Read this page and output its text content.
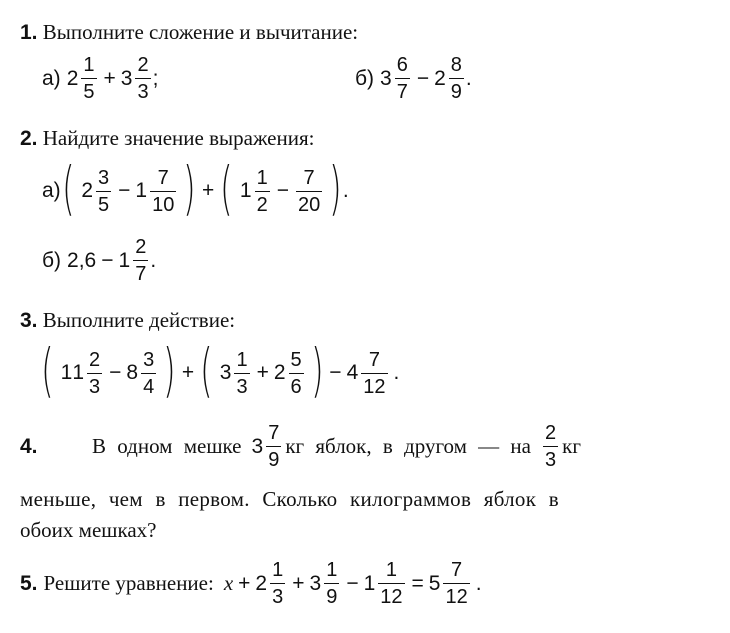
1. Выполните сложение и вычитание:
а) $2 \frac{1}{5} + 3 \frac{2}{3}$ ;	б) $3 \frac{6}{7} - 2 \frac{8}{9}$ .
2. Найдите значение выражения:
а) ( $2 \frac{3}{5} - 1 \frac{7}{10}$ ) + ( $1 \frac{1}{2} - \frac{7}{20}$ ) .
б) $2,6 - 1 \frac{2}{7}$ .
3. Выполните действие:
( 1 $1 \frac{2}{3} - 8 \frac{3}{4}$ ) + ( $3 \frac{1}{3} + 2 \frac{5}{6}$ ) − $4 \frac{7}{12}$ .
4.	В одном мешке $3 \frac{7}{9}$ кг яблок, в другом — на $\frac{2}{3}$ кг
меньше, чем в первом. Сколько килограммов яблок в
обоих мешках?
5. Решите уравнение: $x + 2 \frac{1}{3} + 3 \frac{1}{9} - 1 \frac{1}{12} = 5 \frac{7}{12}$ .
